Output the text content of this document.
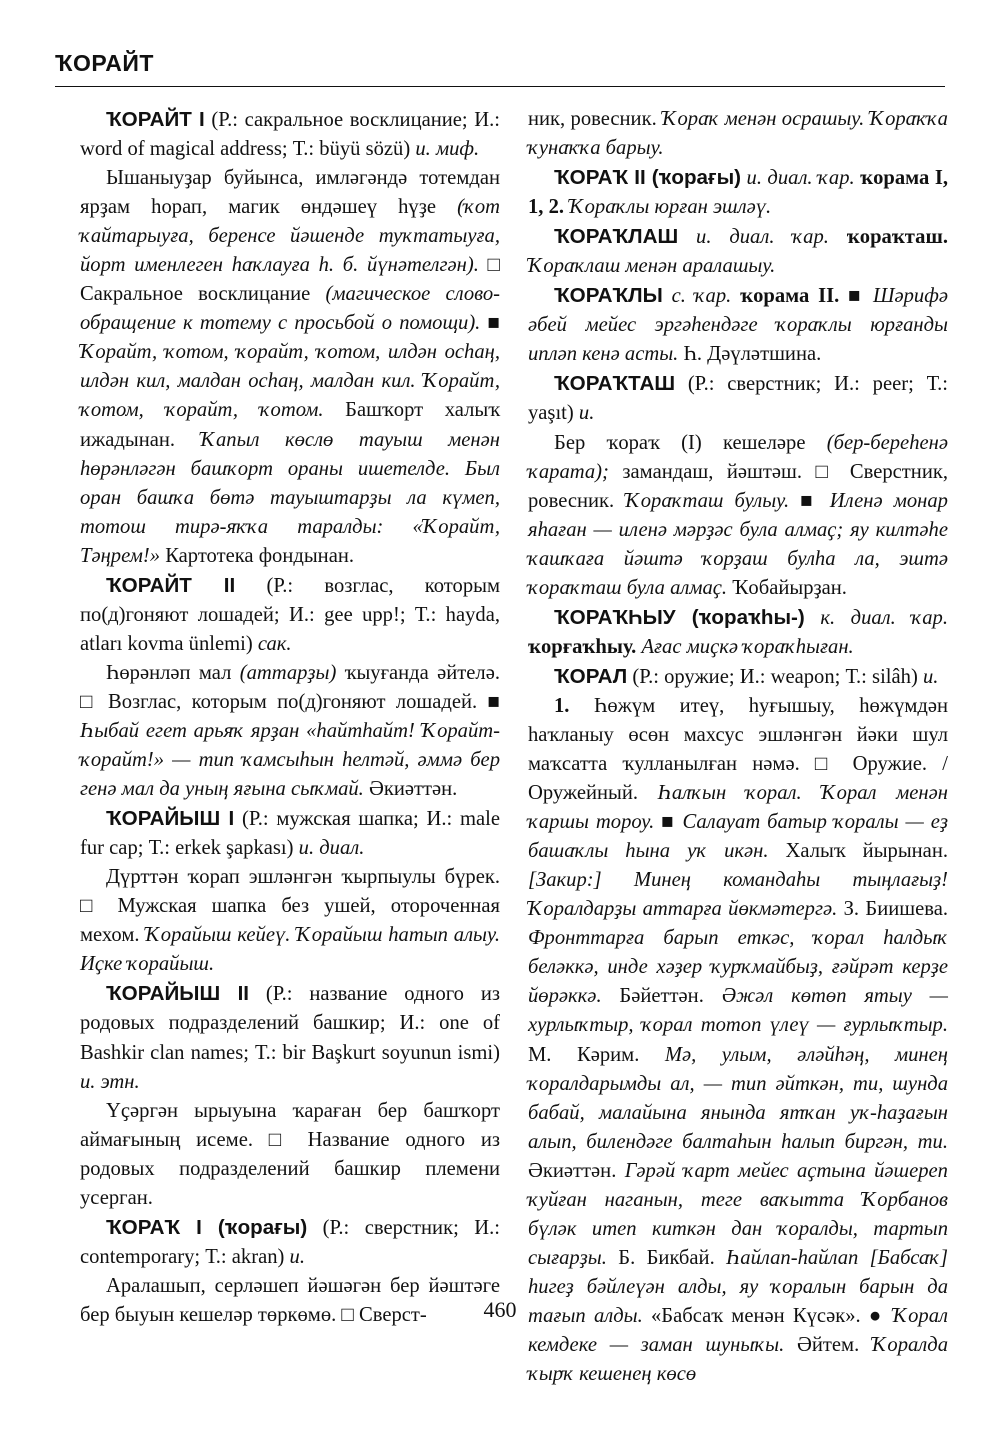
ҠОРАЙТ

ҠОРАЙТ I (Р.: сакральное восклицание; И.: word of magical address; Т.: büyü sözü) и. миф.

Ышаныуҙар буйынса, имләгәндә тотемдан ярҙам һорап, магик өндәшеү һүҙе (ҡот ҡайтарыуға, беренсе йәшенде туҡтатыуға, йорт именлеген һаҡлауға һ. б. йүнәтелгән). □ Сакральное восклицание (магическое слово-обращение к тотему с просьбой о помощи). ■ Ҡорайт, ҡотом, ҡорайт, ҡотом, илдән осһаң, илдән кил, малдан осһаң, малдан кил. Ҡорайт, ҡотом, ҡорайт, ҡотом. Башҡорт халыҡ ижадынан. Ҡапыл көслө тауыш менән һөрәнләгән башҡорт ораны ишетелде. Был оран башҡа бөтә тауыштарҙы ла күмеп, тотош тирә-яҡҡа таралды: «Ҡорайт, Тәңрем!» Картотека фондынан.

ҠОРАЙТ II (Р.: возглас, которым по(д)гоняют лошадей; И.: gee upp!; Т.: hayda, atları kovma ünlemi) сак.

Һөрәнләп мал (аттарҙы) ҡыуғанда әйтелә. □ Возглас, которым по(д)гоняют лошадей. ■ Һыбай егет арьяҡ ярҙан «һайтһайт! Ҡорайт-ҡорайт!» — тип ҡамсыһын һелтәй, әммә бер генә мал да уның яғына сыҡмай. Әкиәттән.

ҠОРАЙЫШ I (Р.: мужская шапка; И.: male fur cap; Т.: erkek şapkası) и. диал.

Дүрттән ҡорап эшләнгән ҡырпыулы бүрек. □ Мужская шапка без ушей, отороченная мехом. Ҡорайыш кейеү. Ҡорайыш һатып алыу. Иҫке ҡорайыш.

ҠОРАЙЫШ II (Р.: название одного из родовых подразделений башкир; И.: one of Bashkir clan names; Т.: bir Başkurt soyunun ismi) и. этн.

Үҫәргән ырыуына ҡараған бер башҡорт аймағының исеме. □ Название одного из родовых подразделений башкир племени усерган.

ҠОРАҠ I (ҡорағы) (Р.: сверстник; И.: contemporary; Т.: akran) и.

Аралашып, серләшеп йәшәгән бер йәштәге бер быуын кешеләр төркөмө. □ Сверст-

ник, ровесник. Ҡораҡ менән осрашыу. Ҡораҡҡа ҡунаҡҡа барыу.

ҠОРАҠ II (ҡорағы) и. диал. ҡар. ҡорама I, 1, 2. Ҡораҡлы юрған эшләү.

ҠОРАҠЛАШ и. диал. ҡар. ҡораҡташ. Ҡораҡлаш менән аралашыу.

ҠОРАҠЛЫ с. ҡар. ҡорама II. ■ Шәрифә әбей мейес эргәһендәге ҡораҡлы юрғанды ипләп кенә асты. Һ. Дәүләтшина.

ҠОРАҠТАШ (Р.: сверстник; И.: peer; Т.: yaşıt) и.

Бер ҡораҡ (I) кешеләре (бер-береһенә ҡарата); замандаш, йәштәш. □ Сверстник, ровесник. Ҡораҡташ булыу. ■ Иленә монар яһаған — иленә мәрҙәс була алмаҫ; яу килтәһе ҡашҡаға йәштә ҡорҙаш булһа ла, эштә ҡораҡташ була алмаҫ. Ҡобайырҙан.

ҠОРАҠҺЫУ (ҡораҡһы-) к. диал. ҡар. ҡорғаҡһыу. Ағас миҫкә ҡораҡһыған.

ҠОРАЛ (Р.: оружие; И.: weapon; Т.: silâh) и.

1. Һөжүм итеү, һуғышыу, һөжүмдән һаҡланыу өсөн махсус эшләнгән йәки шул маҡсатта ҡулланылған нәмә. □ Оружие. / Оружейный. Һалҡын ҡорал. Ҡорал менән ҡаршы тороу. ■ Салауат батыр ҡоралы — еҙ башаҡлы һына уҡ икән. Халыҡ йырынан. [Закир:] Минең командаһы тыңлағыҙ! Ҡоралдарҙы аттарға йөкмәтергә. З. Биишева. Фронттарға барып еткәс, ҡорал һалдыҡ беләккә, инде хәҙер ҡурҡмайбыҙ, ғәйрәт керҙе йөрәккә. Бәйеттән. Әжәл көтөп ятыу — хурлыҡтыр, ҡорал тотоп үлеү — ғурлыҡтыр. М. Кәрим. Мә, улым, әләйһәң, минең ҡоралдарымды ал, — тип әйткән, ти, шунда бабай, малайына янында ятҡан уҡ-һаҙағын алып, билендәге балтаһын һалып биргән, ти. Әкиәттән. Гәрәй ҡарт мейес аҫтына йәшереп ҡуйған наганын, теге ваҡытта Ҡорбанов бүләк итеп киткән дан ҡоралды, тартып сығарҙы. Б. Бикбай. Һайлап-һайлап [Бабсаҡ] һигеҙ бәйлеүән алды, яу ҡоралын барын да тағып алды. «Бабсаҡ менән Күсәк». ● Ҡорал кемдеке — заман шуныҡы. Әйтем. Ҡоралда ҡырҡ кешенең көсө

460
